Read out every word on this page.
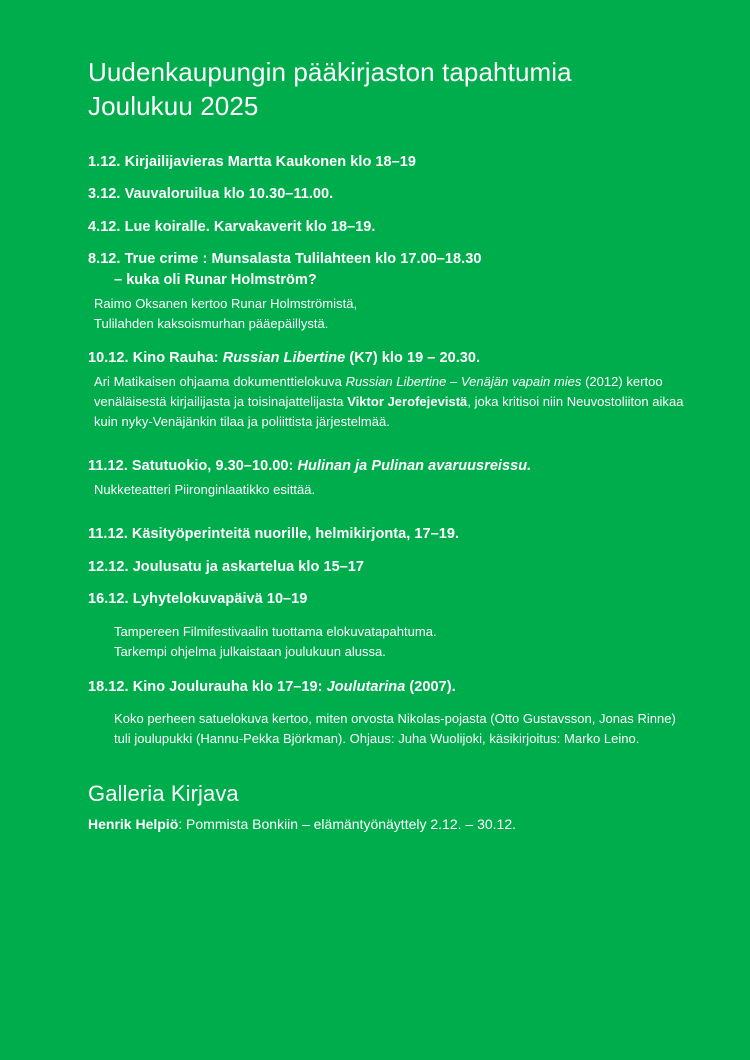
Uudenkaupungin pääkirjaston tapahtumia
Joulukuu 2025

1.12. Kirjailijavieras Martta Kaukonen klo 18–19

3.12. Vauvaloruilua klo 10.30–11.00.

4.12. Lue koiralle. Karvakaverit klo 18–19.

8.12. True crime : Munsalasta Tulilahteen klo 17.00–18.30
– kuka oli Runar Holmström?

Raimo Oksanen kertoo Runar Holmströmistä,
Tulilahden kaksoismurhan pääepäillystä.

10.12. Kino Rauha: Russian Libertine (K7) klo 19 – 20.30.

Ari Matikaisen ohjaama dokumenttielokuva Russian Libertine – Venäjän vapain mies (2012) kertoo venäläisestä kirjailijasta ja toisinajattelijasta Viktor Jerofejevistä, joka kritisoi niin Neuvostoliiton aikaa kuin nyky-Venäjänkin tilaa ja poliittista järjestelmää.

11.12. Satutuokio, 9.30–10.00: Hulinan ja Pulinan avaruusreissu.

Nukketeatteri Piironginlaatikko esittää.

11.12. Käsityöperinteitä nuorille, helmikirjonta, 17–19.

12.12. Joulusatu ja askartelua klo 15–17

16.12. Lyhytelokuvapäivä 10–19

Tampereen Filmifestivaalin tuottama elokuvatapahtuma.
Tarkempi ohjelma julkaistaan joulukuun alussa.

18.12. Kino Joulurauha klo 17–19: Joulutarina (2007).

Koko perheen satuelokuva kertoo, miten orvosta Nikolas-pojasta (Otto Gustavsson, Jonas Rinne) tuli joulupukki (Hannu-Pekka Björkman). Ohjaus: Juha Wuolijoki, käsikirjoitus: Marko Leino.

Galleria Kirjava

Henrik Helpiö: Pommista Bonkiin – elämäntyönäyttely 2.12. – 30.12.
